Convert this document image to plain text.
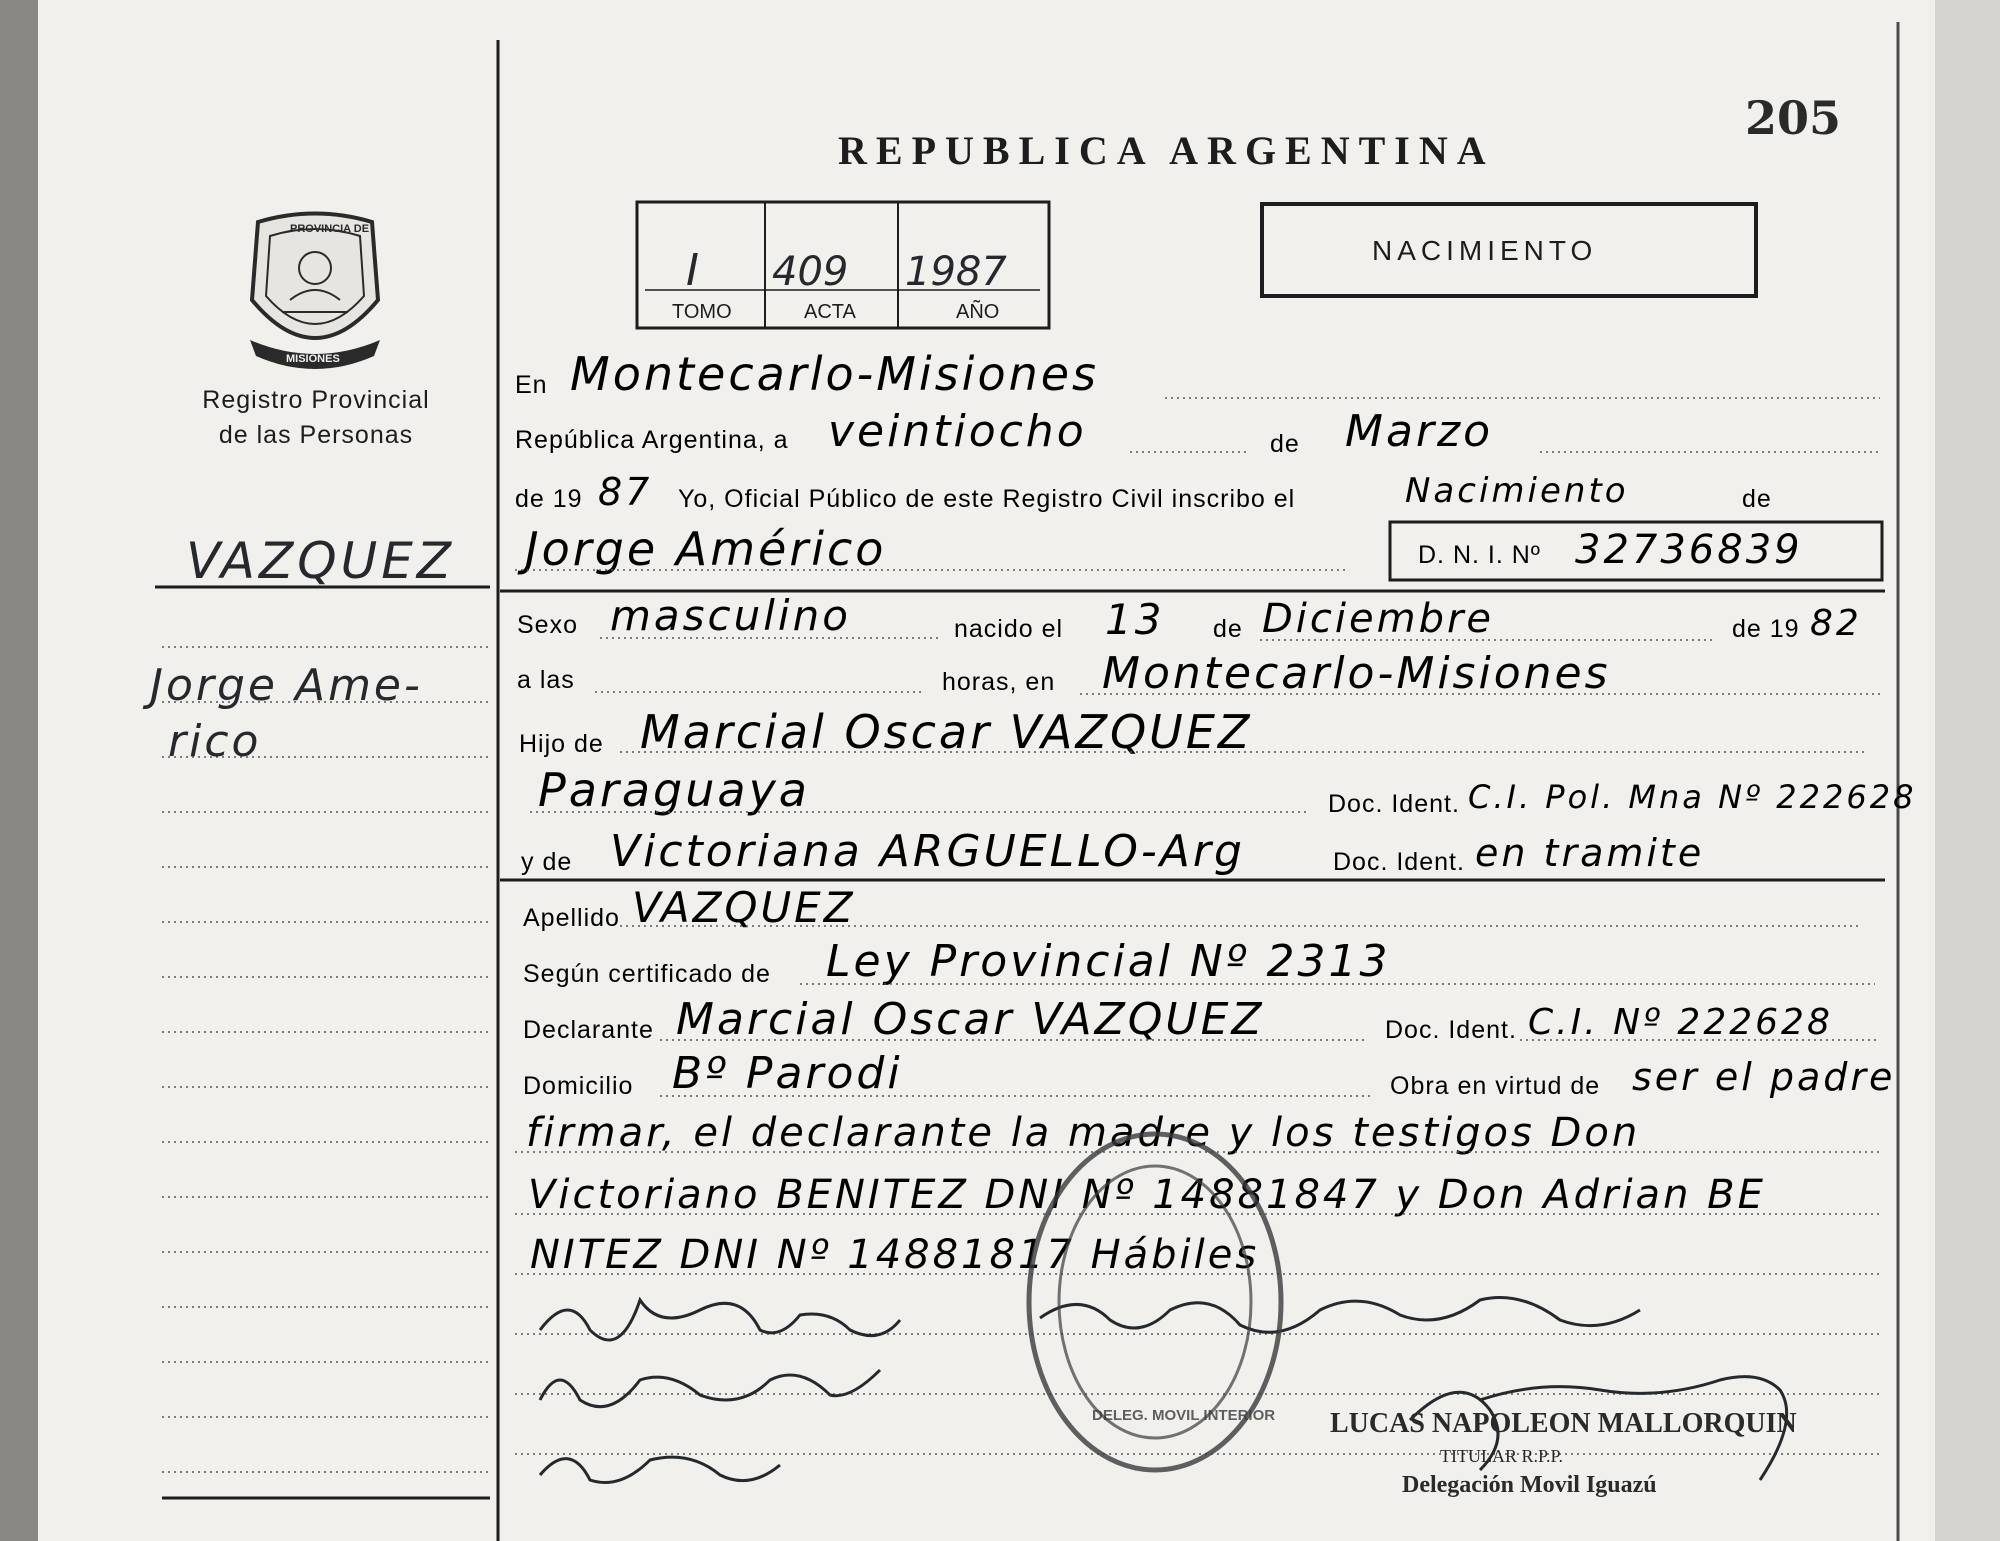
205
REPUBLICA ARGENTINA
I 409 1987
TOMO	ACTA	AÑO
NACIMIENTO
PROVINCIA DE
MISIONES
Registro Provincial
de las Personas
VAZQUEZ
Jorge Ame-
rico
En Montecarlo-Misiones
República Argentina, a veintiocho	de Marzo
de 19 87 Yo, Oficial Público de este Registro Civil inscribo el	Nacimiento	de
Jorge Américo	D. N. I. Nº 32736839
Sexo masculino	nacido el 13 de Diciembre	de 19 82
a las	horas, en Montecarlo-Misiones
Hijo de Marcial Oscar VAZQUEZ
Paraguaya	Doc. Ident. C.I. Pol. Mna Nº 222628
y de Victoriana ARGUELLO-Arg	Doc. Ident. en tramite
Apellido VAZQUEZ
Según certificado de Ley Provincial Nº 2313
Declarante Marcial Oscar VAZQUEZ	Doc. Ident. C.I. Nº 222628
Domicilio Bº Parodi	Obra en virtud de ser el padre
firmar, el declarante la madre y los testigos Don
Victoriano BENITEZ DNI Nº 14881847 y Don Adrian BE
NITEZ DNI Nº 14881817 Hábiles
DELEG. MOVIL INTERIOR LUCAS NAPOLEON MALLORQUIN
TITULAR R.P.P.
Delegación Movil Iguazú
